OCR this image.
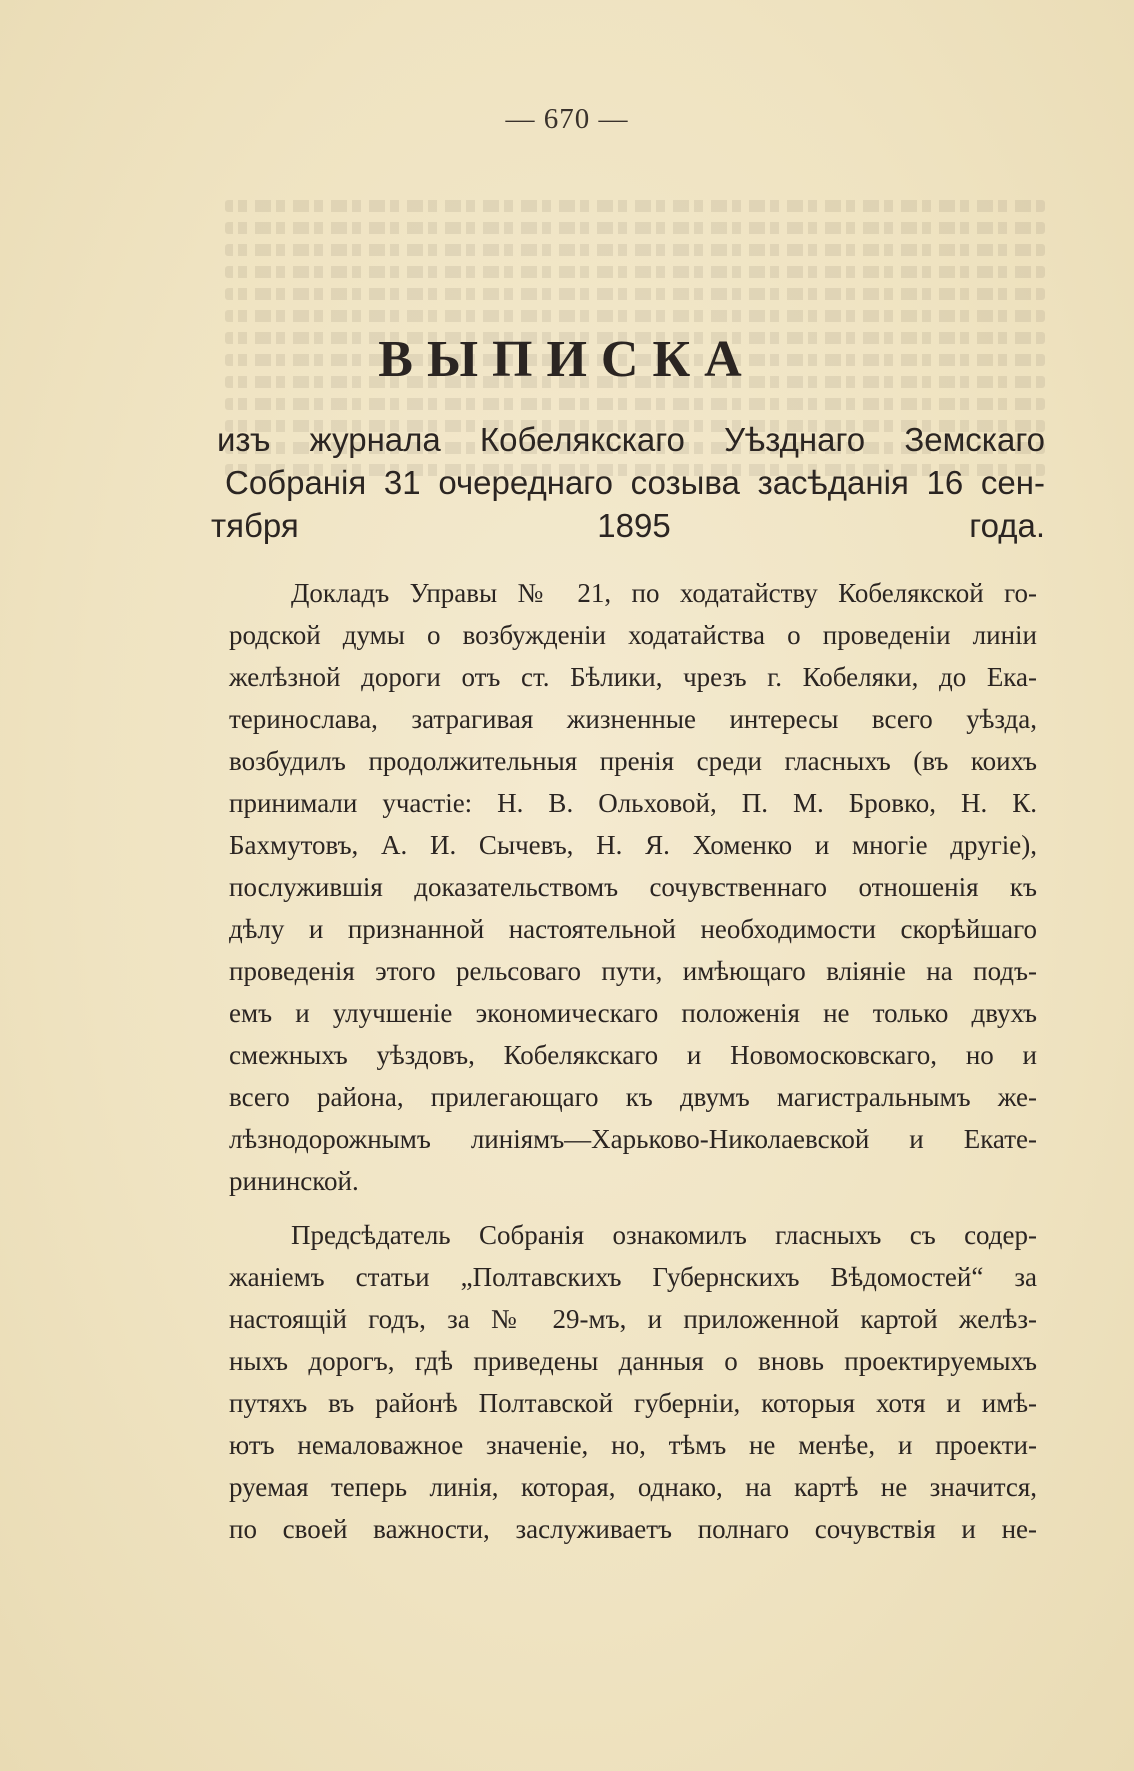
— 670 —
ВЫПИСКА
изъ журнала Кобелякскаго Уѣзднаго Земскаго
Собранія 31 очереднаго созыва засѣданія 16 сен-
тября 1895 года.

Докладъ Управы № 21, по ходатайству Кобелякской го-
родской думы о возбужденіи ходатайства о проведеніи линіи
желѣзной дороги отъ ст. Бѣлики, чрезъ г. Кобеляки, до Ека-
теринослава, затрагивая жизненные интересы всего уѣзда,
возбудилъ продолжительныя пренія среди гласныхъ (въ коихъ
принимали участіе: Н. В. Ольховой, П. М. Бровко, Н. К.
Бахмутовъ, А. И. Сычевъ, Н. Я. Хоменко и многіе другіе),
послужившія доказательствомъ сочувственнаго отношенія къ
дѣлу и признанной настоятельной необходимости скорѣйшаго
проведенія этого рельсоваго пути, имѣющаго вліяніе на подъ-
емъ и улучшеніе экономическаго положенія не только двухъ
смежныхъ уѣздовъ, Кобелякскаго и Новомосковскаго, но и
всего района, прилегающаго къ двумъ магистральнымъ же-
лѣзнодорожнымъ линіямъ—Харьково-Николаевской и Екате-
рининской.

Предсѣдатель Собранія ознакомилъ гласныхъ съ содер-
жаніемъ статьи „Полтавскихъ Губернскихъ Вѣдомостей“ за
настоящій годъ, за № 29-мъ, и приложенной картой желѣз-
ныхъ дорогъ, гдѣ приведены данныя о вновь проектируемыхъ
путяхъ въ районѣ Полтавской губерніи, которыя хотя и имѣ-
ютъ немаловажное значеніе, но, тѣмъ не менѣе, и проекти-
руемая теперь линія, которая, однако, на картѣ не значится,
по своей важности, заслуживаетъ полнаго сочувствія и не-
